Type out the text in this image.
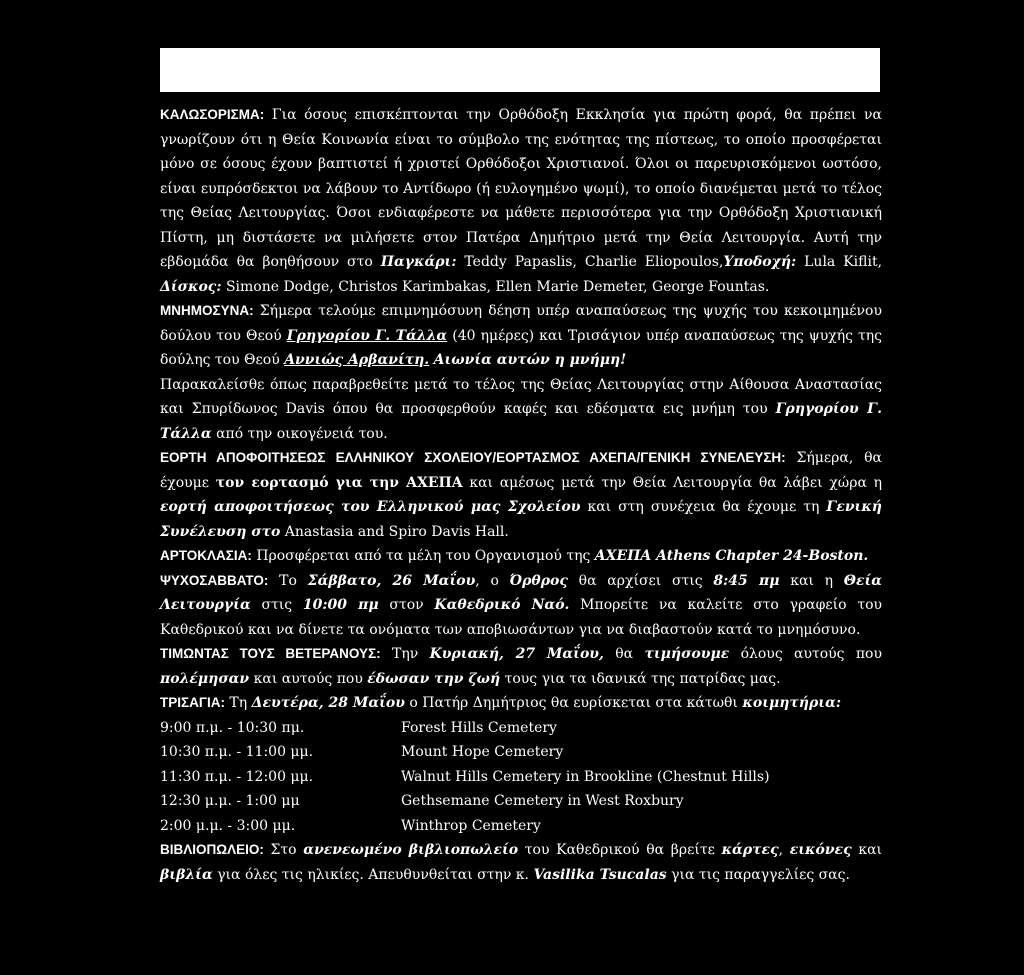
ΚΑΛΩΣΟΡΙΣΜΑ: Για όσους επισκέπτονται την Ορθόδοξη Εκκλησία για πρώτη φορά, θα πρέπει να γνωρίζουν ότι η Θεία Κοινωνία είναι το σύμβολο της ενότητας της πίστεως, το οποίο προσφέρεται μόνο σε όσους έχουν βαπτιστεί ή χριστεί Ορθόδοξοι Χριστιανοί. Όλοι οι παρευρισκόμενοι ωστόσο, είναι ευπρόσδεκτοι να λάβουν το Αντίδωρο (ή ευλογημένο ψωμί), το οποίο διανέμεται μετά το τέλος της Θείας Λειτουργίας. Όσοι ενδιαφέρεστε να μάθετε περισσότερα για την Ορθόδοξη Χριστιανική Πίστη, μη διστάσετε να μιλήσετε στον Πατέρα Δημήτριο μετά την Θεία Λειτουργία. Αυτή την εβδομάδα θα βοηθήσουν στο Παγκάρι: Teddy Papaslis, Charlie Eliopoulos,Υποδοχή: Lula Kiflit, Δίσκος: Simone Dodge, Christos Karimbakas, Ellen Marie Demeter, George Fountas.

ΜΝΗΜΟΣΥΝΑ: Σήμερα τελούμε επιμνημόσυνη δέηση υπέρ αναπαύσεως της ψυχής του κεκοιμημένου δούλου του Θεού Γρηγορίου Γ. Τάλλα (40 ημέρες) και Τρισάγιον υπέρ αναπαύσεως της ψυχής της δούλης του Θεού Αννιώς Αρβανίτη. Αιωνία αυτών η μνήμη!

Παρακαλείσθε όπως παραβρεθείτε μετά το τέλος της Θείας Λειτουργίας στην Αίθουσα Αναστασίας και Σπυρίδωνος Davis όπου θα προσφερθούν καφές και εδέσματα εις μνήμη του Γρηγορίου Γ. Τάλλα από την οικογένειά του.

ΕΟΡΤΗ ΑΠΟΦΟΙΤΗΣΕΩΣ ΕΛΛΗΝΙΚΟΥ ΣΧΟΛΕΙΟΥ/ΕΟΡΤΑΣΜΟΣ ΑΧΕΠΑ/ΓΕΝΙΚΗ ΣΥΝΕΛΕΥΣΗ: Σήμερα, θα έχουμε τον εορτασμό για την ΑΧΕΠΑ και αμέσως μετά την Θεία Λειτουργία θα λάβει χώρα η εορτή αποφοιτήσεως του Ελληνικού μας Σχολείου και στη συνέχεια θα έχουμε τη Γενική Συνέλευση στο Anastasia and Spiro Davis Hall.

ΑΡΤΟΚΛΑΣΙΑ: Προσφέρεται από τα μέλη του Οργανισμού της ΑΧΕΠΑ Athens Chapter 24-Boston.

ΨΥΧΟΣΑΒΒΑΤΟ: Το Σάββατο, 26 Μαΐου, ο Όρθρος θα αρχίσει στις 8:45 πμ και η Θεία Λειτουργία στις 10:00 πμ στον Καθεδρικό Ναό. Μπορείτε να καλείτε στο γραφείο του Καθεδρικού και να δίνετε τα ονόματα των αποβιωσάντων για να διαβαστούν κατά το μνημόσυνο.

ΤΙΜΩΝΤΑΣ ΤΟΥΣ ΒΕΤΕΡΑΝΟΥΣ: Την Κυριακή, 27 Μαΐου, θα τιμήσουμε όλους αυτούς που πολέμησαν και αυτούς που έδωσαν την ζωή τους για τα ιδανικά της πατρίδας μας.

ΤΡΙΣΑΓΙΑ: Τη Δευτέρα, 28 Μαΐου ο Πατήρ Δημήτριος θα ευρίσκεται στα κάτωθι κοιμητήρια:

9:00 π.μ. - 10:30 πμ.	Forest Hills Cemetery
10:30 π.μ. - 11:00 μμ.	Mount Hope Cemetery
11:30 π.μ. - 12:00 μμ.	Walnut Hills Cemetery in Brookline (Chestnut Hills)
12:30 μ.μ. - 1:00 μμ	Gethsemane Cemetery in West Roxbury
2:00 μ.μ. - 3:00 μμ.	Winthrop Cemetery

ΒΙΒΛΙΟΠΩΛΕΙΟ: Στο ανενεωμένο βιβλιοπωλείο του Καθεδρικού θα βρείτε κάρτες, εικόνες και βιβλία για όλες τις ηλικίες. Απευθυνθείται στην κ. Vasilika Tsucalas για τις παραγγελίες σας.
